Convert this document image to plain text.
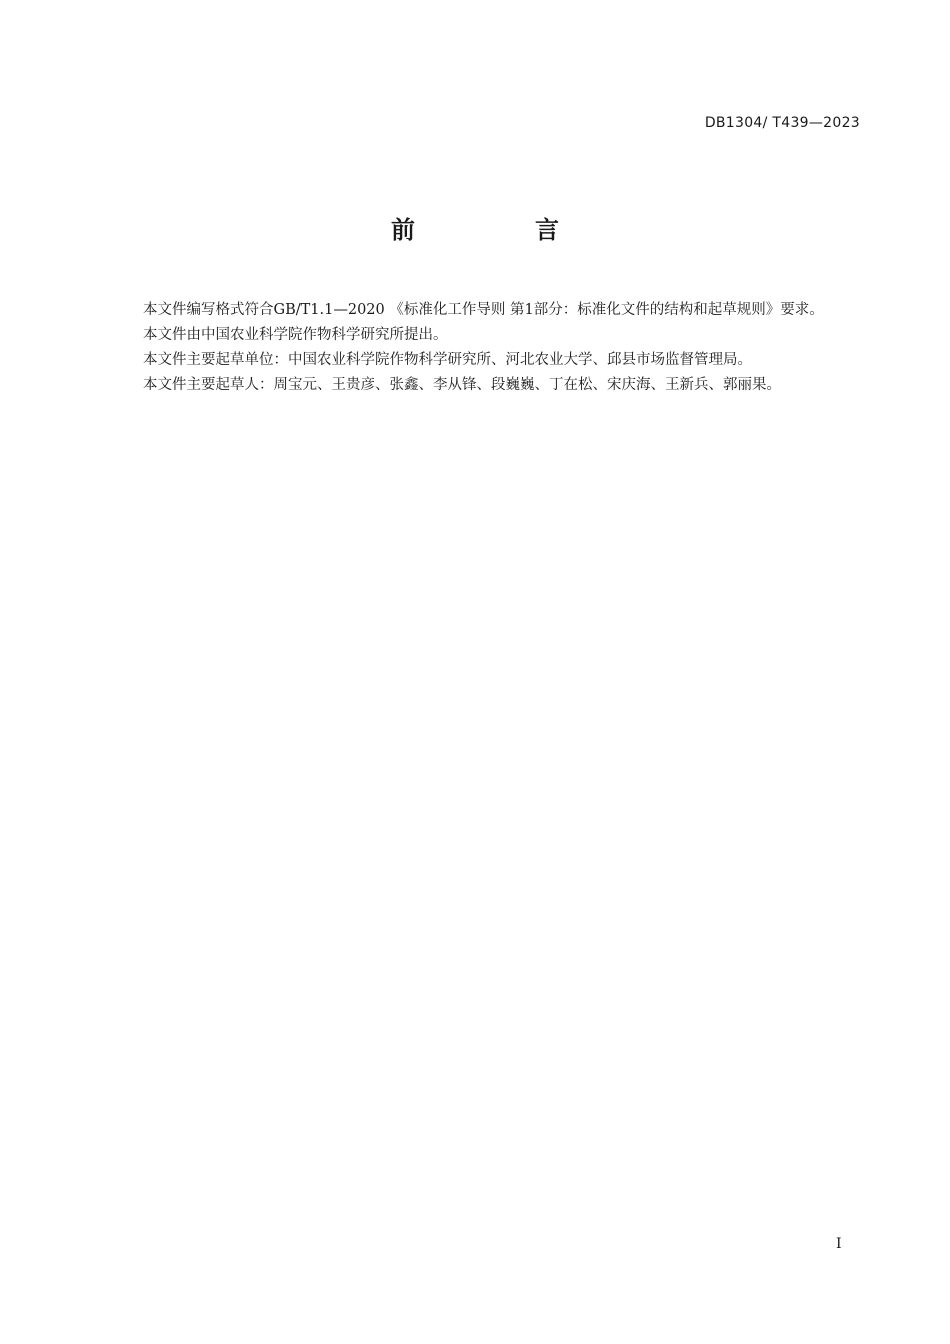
DB1304/ T439—2023
前　言

本文件编写格式符合GB/T1.1—2020 《标准化工作导则 第1部分：标准化文件的结构和起草规则》要求。

本文件由中国农业科学院作物科学研究所提出。

本文件主要起草单位：中国农业科学院作物科学研究所、河北农业大学、邱县市场监督管理局。

本文件主要起草人：周宝元、王贵彦、张鑫、李从锋、段巍巍、丁在松、宋庆海、王新兵、郭丽果。

I
